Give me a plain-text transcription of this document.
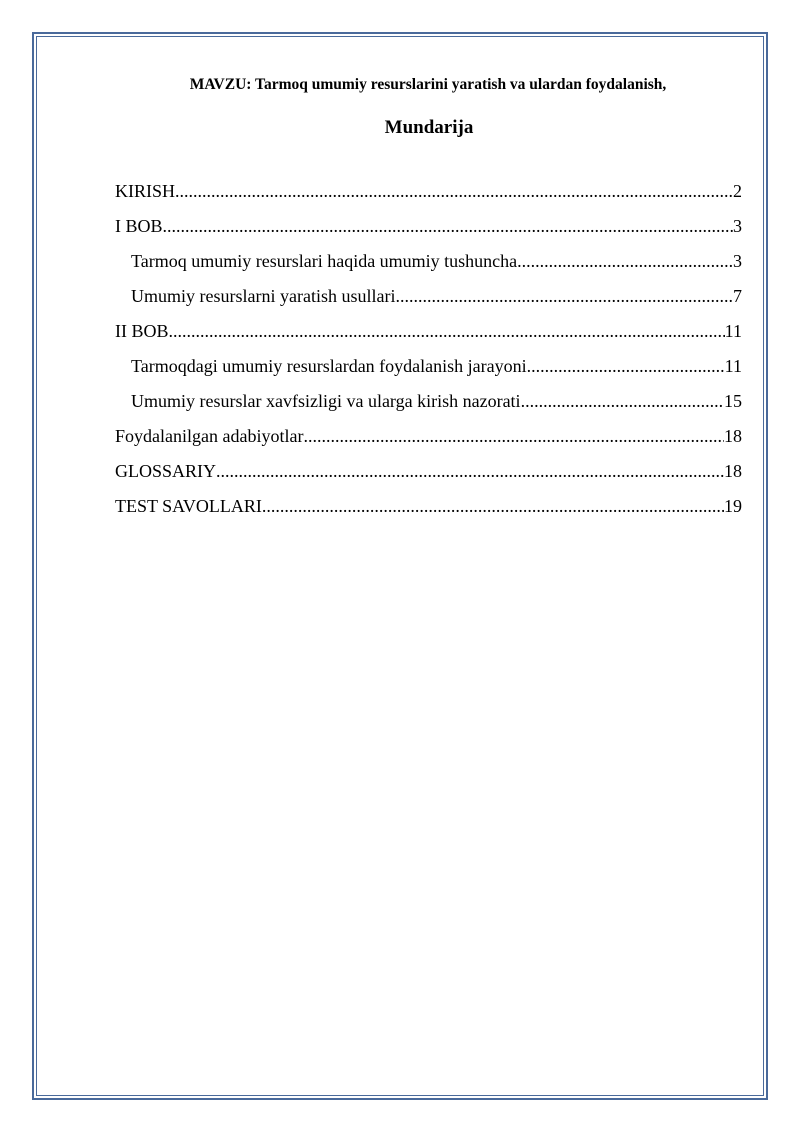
MAVZU: Tarmoq umumiy resurslarini yaratish va ulardan foydalanish,
Mundarija
KIRISH .....	2
I BOB .....	3
Tarmoq umumiy resurslari haqida umumiy tushuncha .....	3
Umumiy resurslarni yaratish usullari .....	7
II BOB .....	11
Tarmoqdagi umumiy resurslardan foydalanish jarayoni .....	11
Umumiy resurslar xavfsizligi va ularga kirish nazorati .....	15
Foydalanilgan adabiyotlar .....	18
GLOSSARIY .....	18
TEST SAVOLLARI .....	19
